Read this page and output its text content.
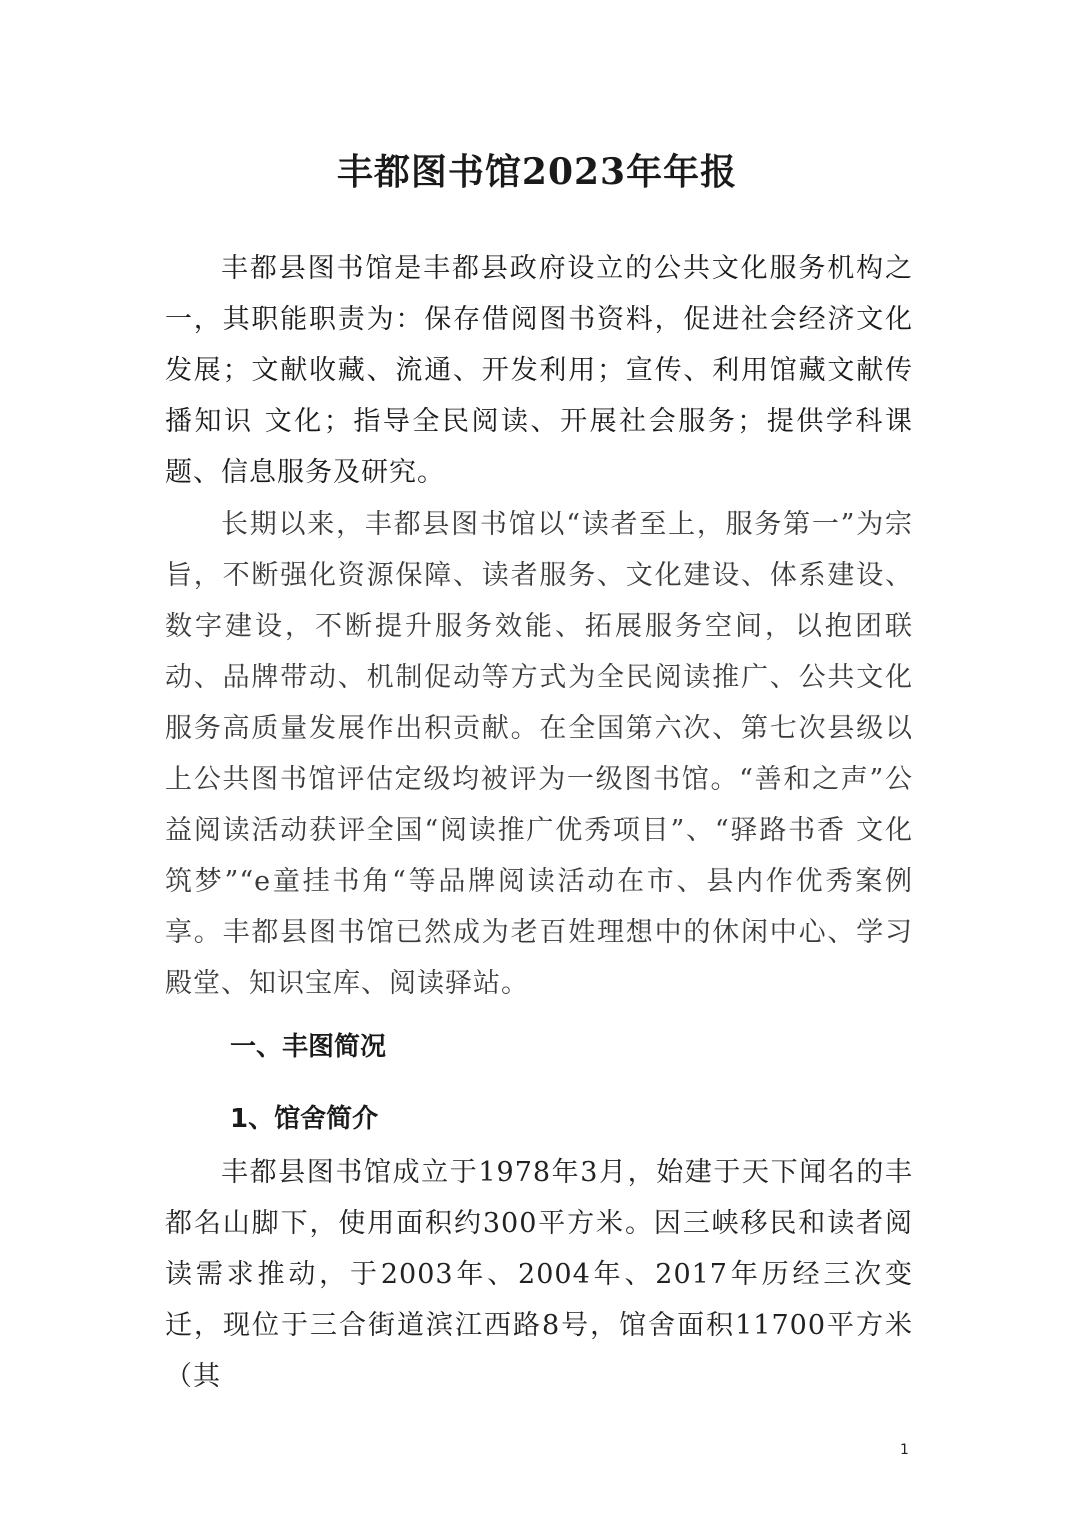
丰都图书馆2023年年报

丰都县图书馆是丰都县政府设立的公共文化服务机构之一，其职能职责为：保存借阅图书资料，促进社会经济文化发展；文献收藏、流通、开发利用；宣传、利用馆藏文献传播知识 文化；指导全民阅读、开展社会服务；提供学科课题、信息服务及研究。

长期以来，丰都县图书馆以“读者至上，服务第一”为宗旨，不断强化资源保障、读者服务、文化建设、体系建设、数字建设，不断提升服务效能、拓展服务空间，以抱团联动、品牌带动、机制促动等方式为全民阅读推广、公共文化服务高质量发展作出积贡献。在全国第六次、第七次县级以上公共图书馆评估定级均被评为一级图书馆。“善和之声”公益阅读活动获评全国“阅读推广优秀项目”、“驿路书香 文化筑梦”“e童挂书角“等品牌阅读活动在市、县内作优秀案例享。丰都县图书馆已然成为老百姓理想中的休闲中心、学习殿堂、知识宝库、阅读驿站。

一、丰图简况
1、馆舍简介

丰都县图书馆成立于1978年3月，始建于天下闻名的丰都名山脚下，使用面积约300平方米。因三峡移民和读者阅读需求推动，于2003年、2004年、2017年历经三次变迁，现位于三合街道滨江西路8号，馆舍面积11700平方米（其

1
